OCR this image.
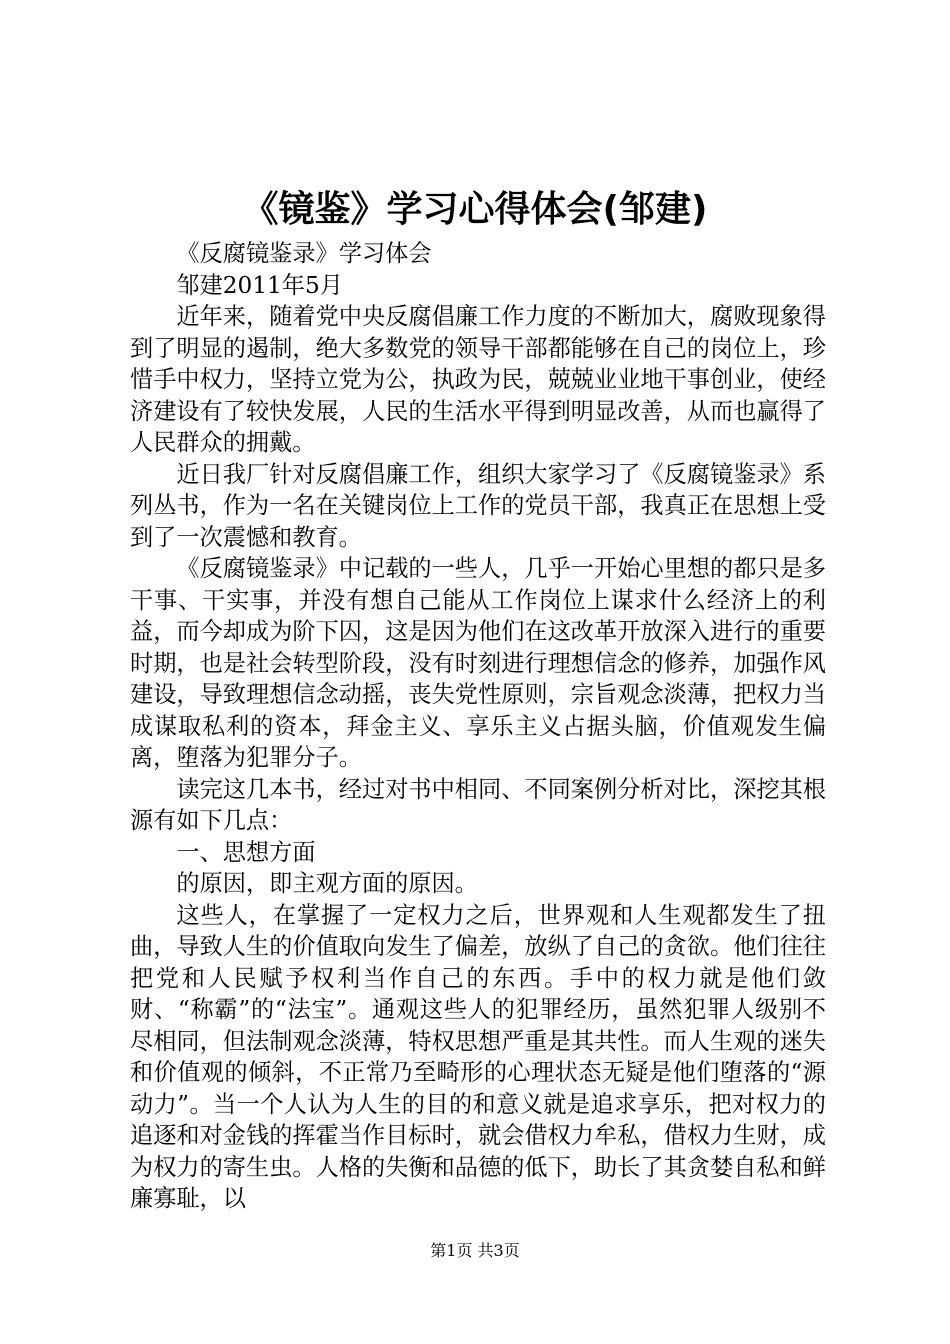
《镜鉴》学习心得体会(邹建)

《反腐镜鉴录》学习体会

邹建2011年5月

近年来，随着党中央反腐倡廉工作力度的不断加大，腐败现象得到了明显的遏制，绝大多数党的领导干部都能够在自己的岗位上，珍惜手中权力，坚持立党为公，执政为民，兢兢业业地干事创业，使经济建设有了较快发展，人民的生活水平得到明显改善，从而也赢得了人民群众的拥戴。

近日我厂针对反腐倡廉工作，组织大家学习了《反腐镜鉴录》系列丛书，作为一名在关键岗位上工作的党员干部，我真正在思想上受到了一次震憾和教育。

《反腐镜鉴录》中记载的一些人，几乎一开始心里想的都只是多干事、干实事，并没有想自己能从工作岗位上谋求什么经济上的利益，而今却成为阶下囚，这是因为他们在这改革开放深入进行的重要时期，也是社会转型阶段，没有时刻进行理想信念的修养，加强作风建设，导致理想信念动摇，丧失党性原则，宗旨观念淡薄，把权力当成谋取私利的资本，拜金主义、享乐主义占据头脑，价值观发生偏离，堕落为犯罪分子。

读完这几本书，经过对书中相同、不同案例分析对比，深挖其根源有如下几点：

一、思想方面

的原因，即主观方面的原因。

这些人，在掌握了一定权力之后，世界观和人生观都发生了扭曲，导致人生的价值取向发生了偏差，放纵了自己的贪欲。他们往往把党和人民赋予权利当作自己的东西。手中的权力就是他们敛财、“称霸”的“法宝”。通观这些人的犯罪经历，虽然犯罪人级别不尽相同，但法制观念淡薄，特权思想严重是其共性。而人生观的迷失和价值观的倾斜，不正常乃至畸形的心理状态无疑是他们堕落的“源动力”。当一个人认为人生的目的和意义就是追求享乐，把对权力的追逐和对金钱的挥霍当作目标时，就会借权力牟私，借权力生财，成为权力的寄生虫。人格的失衡和品德的低下，助长了其贪婪自私和鲜廉寡耻，以

第1页 共3页
